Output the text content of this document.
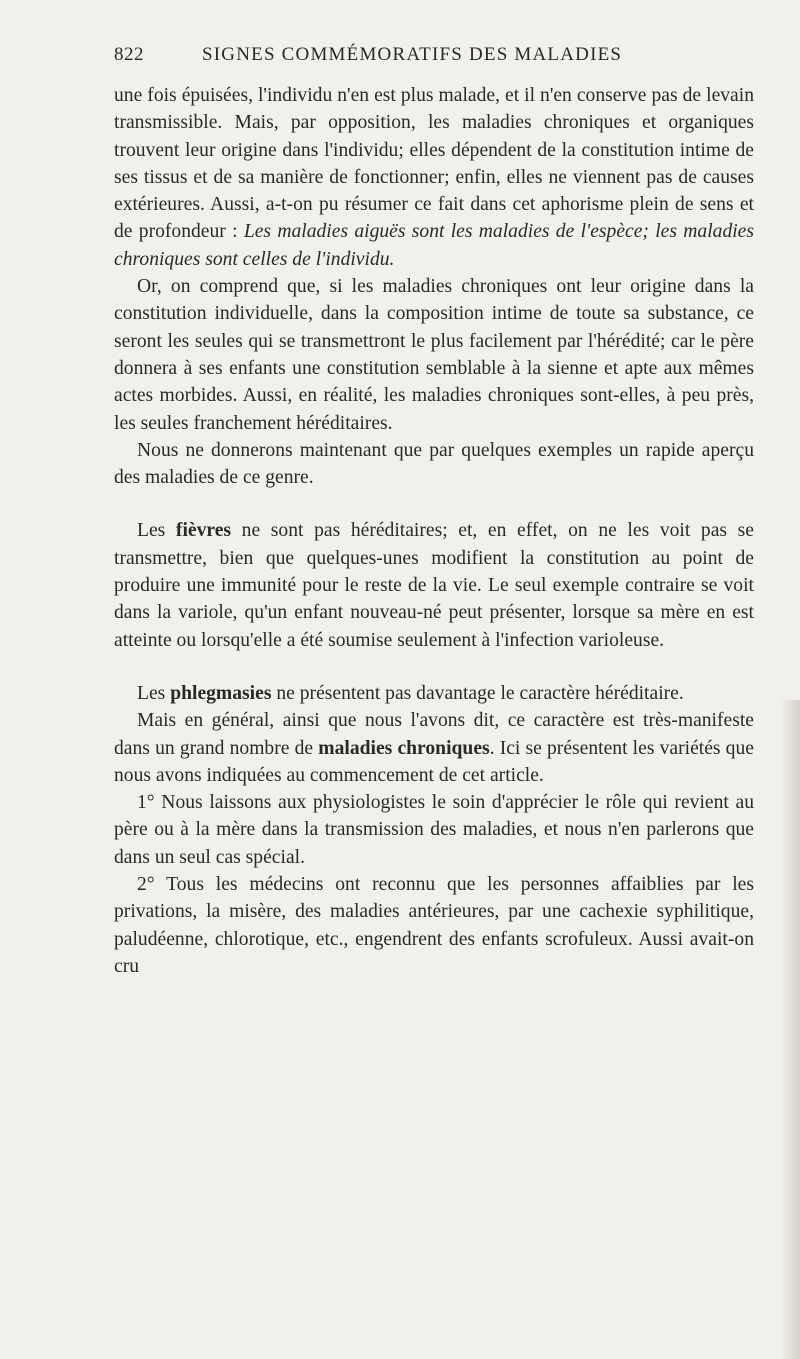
822	SIGNES COMMÉMORATIFS DES MALADIES

une fois épuisées, l'individu n'en est plus malade, et il n'en conserve pas de levain transmissible. Mais, par opposition, les maladies chroniques et organiques trouvent leur origine dans l'individu; elles dépendent de la constitution intime de ses tissus et de sa manière de fonctionner; enfin, elles ne viennent pas de causes extérieures. Aussi, a-t-on pu résumer ce fait dans cet aphorisme plein de sens et de profondeur : Les maladies aiguës sont les maladies de l'espèce; les maladies chroniques sont celles de l'individu.

Or, on comprend que, si les maladies chroniques ont leur origine dans la constitution individuelle, dans la composition intime de toute sa substance, ce seront les seules qui se transmettront le plus facilement par l'hérédité; car le père donnera à ses enfants une constitution semblable à la sienne et apte aux mêmes actes morbides. Aussi, en réalité, les maladies chroniques sont-elles, à peu près, les seules franchement héréditaires.

Nous ne donnerons maintenant que par quelques exemples un rapide aperçu des maladies de ce genre.

Les fièvres ne sont pas héréditaires; et, en effet, on ne les voit pas se transmettre, bien que quelques-unes modifient la constitution au point de produire une immunité pour le reste de la vie. Le seul exemple contraire se voit dans la variole, qu'un enfant nouveau-né peut présenter, lorsque sa mère en est atteinte ou lorsqu'elle a été soumise seulement à l'infection varioleuse.

Les phlegmasies ne présentent pas davantage le caractère héréditaire.

Mais en général, ainsi que nous l'avons dit, ce caractère est très-manifeste dans un grand nombre de maladies chroniques. Ici se présentent les variétés que nous avons indiquées au commencement de cet article.

1° Nous laissons aux physiologistes le soin d'apprécier le rôle qui revient au père ou à la mère dans la transmission des maladies, et nous n'en parlerons que dans un seul cas spécial.

2° Tous les médecins ont reconnu que les personnes affaiblies par les privations, la misère, des maladies antérieures, par une cachexie syphilitique, paludéenne, chlorotique, etc., engendrent des enfants scrofuleux. Aussi avait-on cru
